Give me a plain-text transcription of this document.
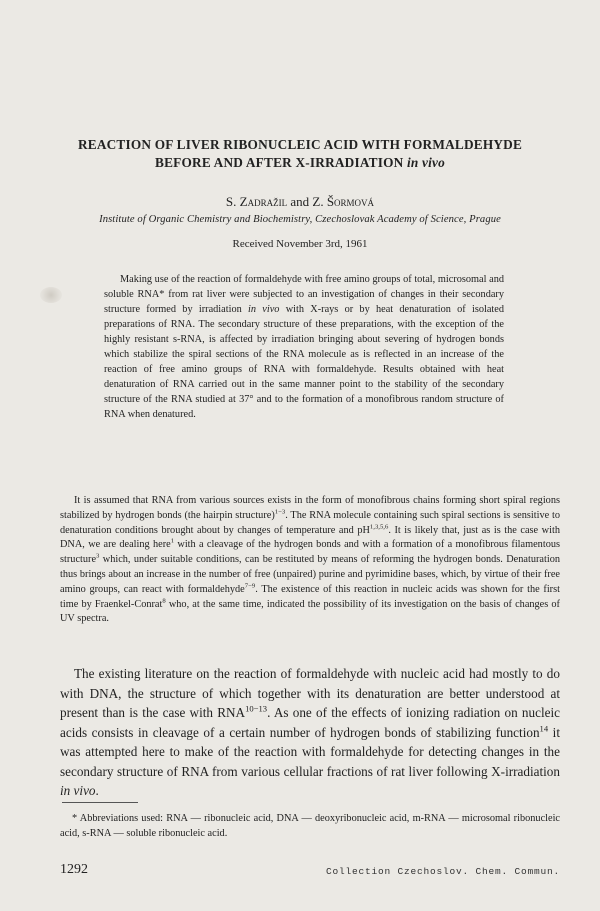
REACTION OF LIVER RIBONUCLEIC ACID WITH FORMALDEHYDE
BEFORE AND AFTER X-IRRADIATION in vivo
S. Zadražil and Z. Šormová
Institute of Organic Chemistry and Biochemistry, Czechoslovak Academy of Science, Prague
Received November 3rd, 1961

Making use of the reaction of formaldehyde with free amino groups of total, microsomal and soluble RNA* from rat liver were subjected to an investigation of changes in their secondary structure formed by irradiation in vivo with X-rays or by heat denaturation of isolated preparations of RNA. The secondary structure of these preparations, with the exception of the highly resistant s-RNA, is affected by irradiation bringing about severing of hydrogen bonds which stabilize the spiral sections of the RNA molecule as is reflected in an increase of the reaction of free amino groups of RNA with formaldehyde. Results obtained with heat denaturation of RNA carried out in the same manner point to the stability of the secondary structure of the RNA studied at 37° and to the formation of a monofibrous random structure of RNA when denatured.

It is assumed that RNA from various sources exists in the form of monofibrous chains forming short spiral regions stabilized by hydrogen bonds (the hairpin structure)$^{1-3}$. The RNA molecule containing such spiral sections is sensitive to denaturation conditions brought about by changes of temperature and pH$^{1,3,5,6}$. It is likely that, just as is the case with DNA, we are dealing here$^1$ with a cleavage of the hydrogen bonds and with a formation of a monofibrous filamentous structure$^3$ which, under suitable conditions, can be restituted by means of reforming the hydrogen bonds. Denaturation thus brings about an increase in the number of free (unpaired) purine and pyrimidine bases, which, by virtue of their free amino groups, can react with formaldehyde$^{7-9}$. The existence of this reaction in nucleic acids was shown for the first time by Fraenkel-Conrat$^8$ who, at the same time, indicated the possibility of its investigation on the basis of changes of UV spectra.

The existing literature on the reaction of formaldehyde with nucleic acid had mostly to do with DNA, the structure of which together with its denaturation are better understood at present than is the case with $RNA^{10-13}$. As one of the effects of ionizing radiation on nucleic acids consists in cleavage of a certain number of hydrogen bonds of stabilizing function$^{14}$ it was attempted here to make of the reaction with formaldehyde for detecting changes in the secondary structure of RNA from various cellular fractions of rat liver following X-irradiation in vivo.

* Abbreviations used: RNA — ribonucleic acid, DNA — deoxyribonucleic acid, m-RNA — microsomal ribonucleic acid, s-RNA — soluble ribonucleic acid.

1292	Collection Czechoslov. Chem. Commun.
